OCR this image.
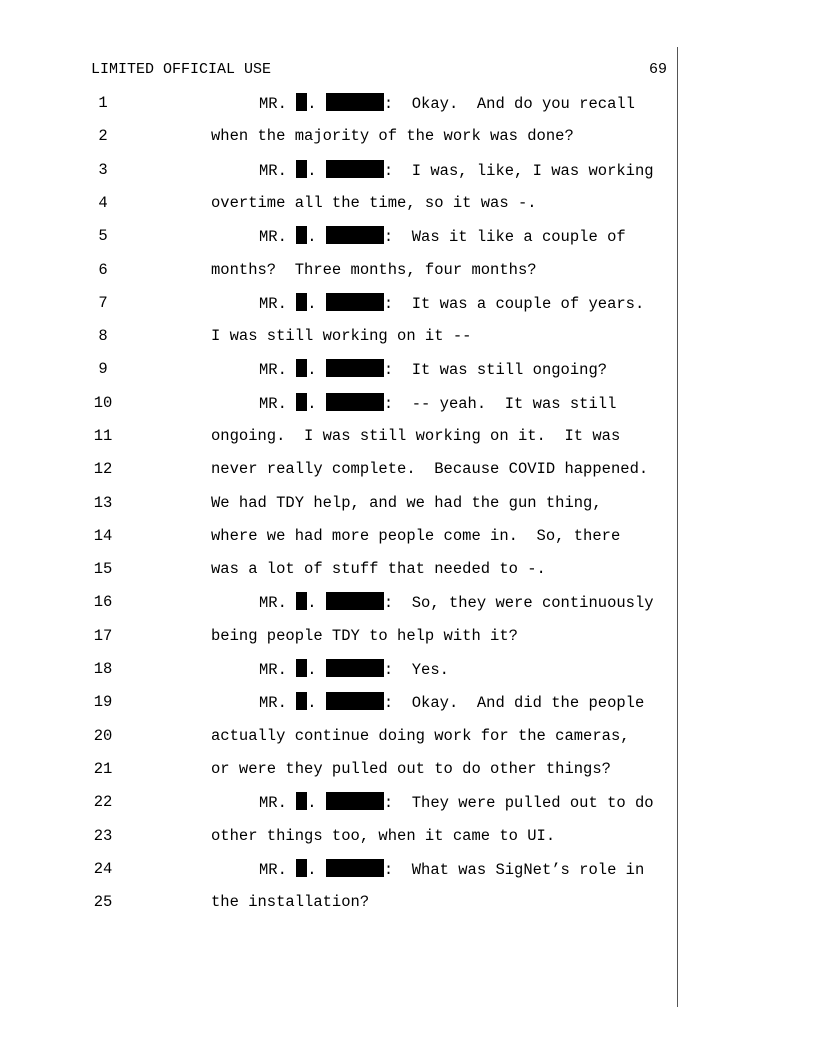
LIMITED OFFICIAL USE	69
1	MR. .	:  Okay.  And do you recall
2	when the majority of the work was done?
3	MR. .	:  I was, like, I was working
4	overtime all the time, so it was -.
5	MR. .	:  Was it like a couple of
6	months?  Three months, four months?
7	MR. .	:  It was a couple of years.
8	I was still working on it --
9	MR. .	:  It was still ongoing?
10	MR. .	:  -- yeah.  It was still
11	ongoing.  I was still working on it.  It was
12	never really complete.  Because COVID happened.
13	We had TDY help, and we had the gun thing,
14	where we had more people come in.  So, there
15	was a lot of stuff that needed to -.
16	MR. .	:  So, they were continuously
17	being people TDY to help with it?
18	MR. .	:  Yes.
19	MR. .	:  Okay.  And did the people
20	actually continue doing work for the cameras,
21	or were they pulled out to do other things?
22	MR. .	:  They were pulled out to do
23	other things too, when it came to UI.
24	MR. .	:  What was SigNet’s role in
25	the installation?
